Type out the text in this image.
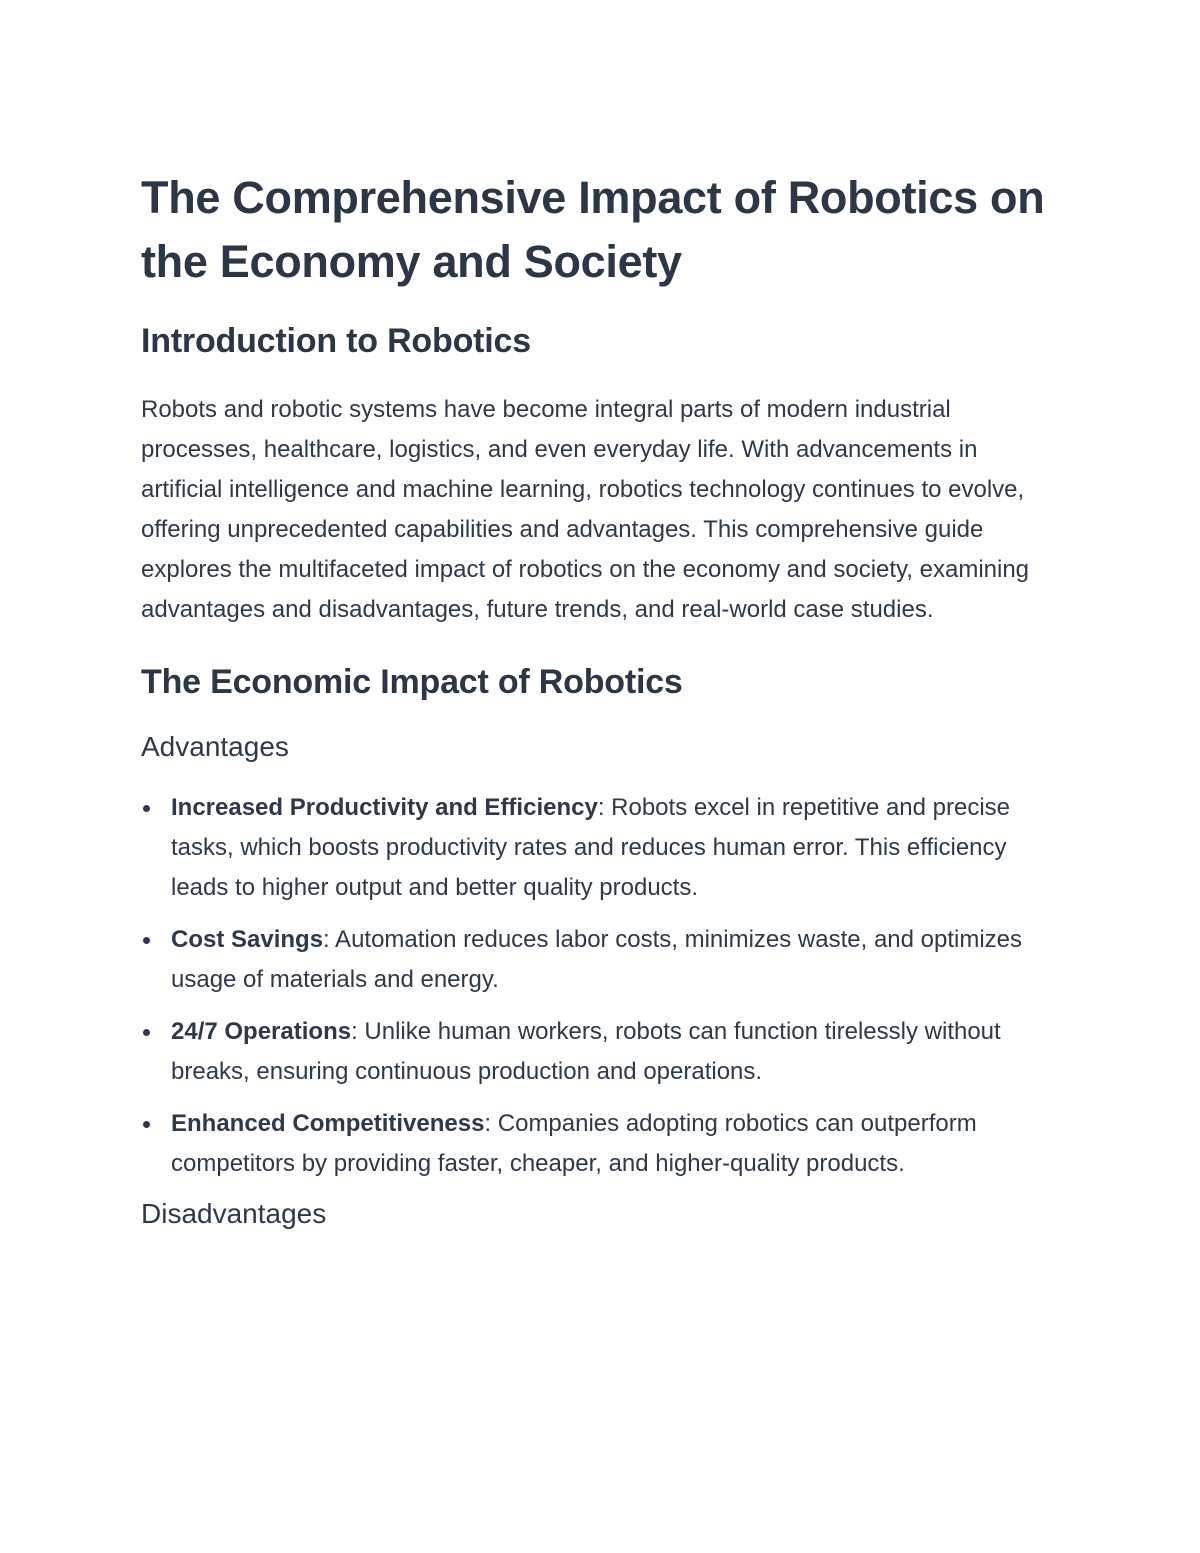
The Comprehensive Impact of Robotics on the Economy and Society
Introduction to Robotics

Robots and robotic systems have become integral parts of modern industrial processes, healthcare, logistics, and even everyday life. With advancements in artificial intelligence and machine learning, robotics technology continues to evolve, offering unprecedented capabilities and advantages. This comprehensive guide explores the multifaceted impact of robotics on the economy and society, examining advantages and disadvantages, future trends, and real-world case studies.

The Economic Impact of Robotics
Advantages
Increased Productivity and Efficiency: Robots excel in repetitive and precise tasks, which boosts productivity rates and reduces human error. This efficiency leads to higher output and better quality products.
Cost Savings: Automation reduces labor costs, minimizes waste, and optimizes usage of materials and energy.
24/7 Operations: Unlike human workers, robots can function tirelessly without breaks, ensuring continuous production and operations.
Enhanced Competitiveness: Companies adopting robotics can outperform competitors by providing faster, cheaper, and higher-quality products.
Disadvantages
